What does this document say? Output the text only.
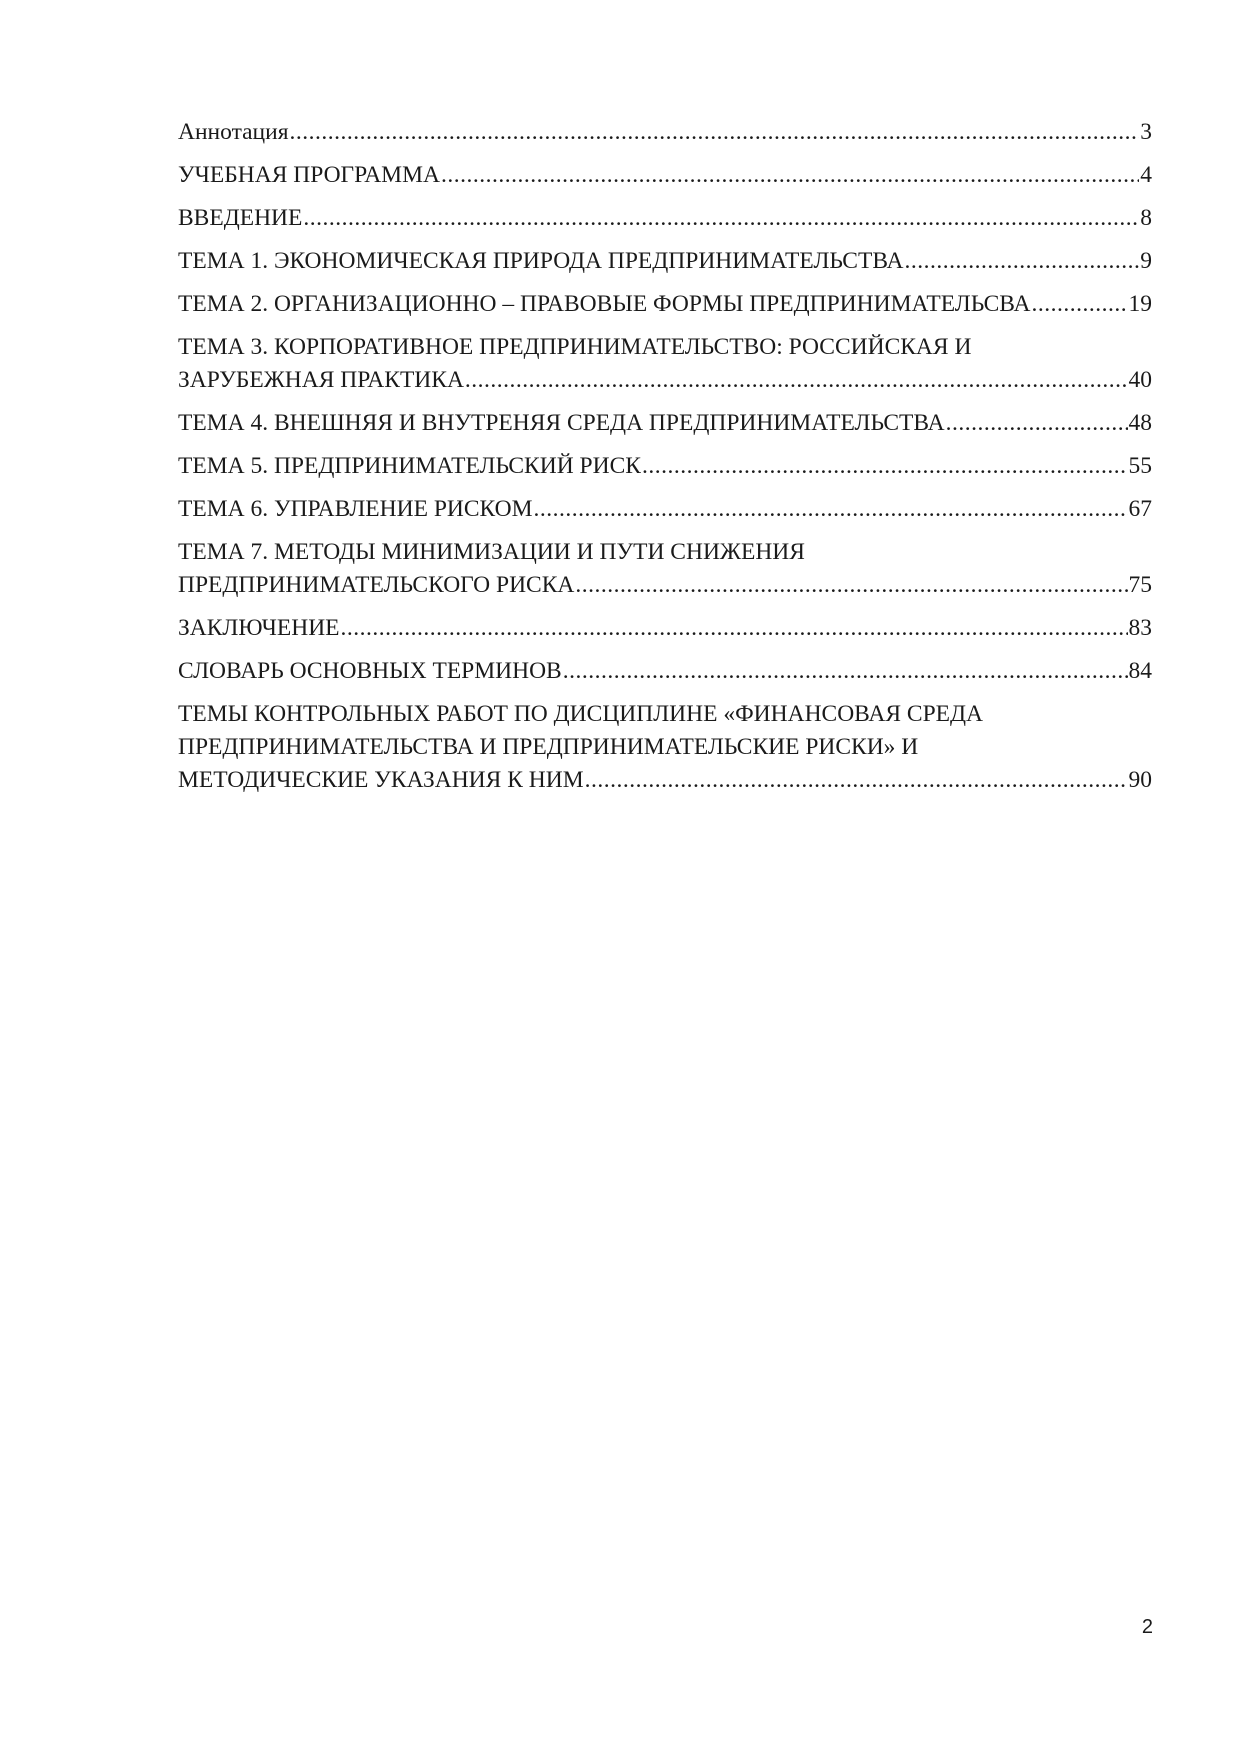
Аннотация .....	3
УЧЕБНАЯ ПРОГРАММА .....	4
ВВЕДЕНИЕ .....	8
ТЕМА 1. ЭКОНОМИЧЕСКАЯ ПРИРОДА ПРЕДПРИНИМАТЕЛЬСТВА .....	9
ТЕМА 2. ОРГАНИЗАЦИОННО – ПРАВОВЫЕ ФОРМЫ ПРЕДПРИНИМАТЕЛЬСВА .....	19
ТЕМА 3. КОРПОРАТИВНОЕ ПРЕДПРИНИМАТЕЛЬСТВО: РОССИЙСКАЯ И
ЗАРУБЕЖНАЯ ПРАКТИКА .....	40
ТЕМА 4. ВНЕШНЯЯ И ВНУТРЕНЯЯ СРЕДА ПРЕДПРИНИМАТЕЛЬСТВА .....	48
ТЕМА 5. ПРЕДПРИНИМАТЕЛЬСКИЙ РИСК .....	55
ТЕМА 6. УПРАВЛЕНИЕ РИСКОМ .....	67
ТЕМА 7. МЕТОДЫ МИНИМИЗАЦИИ И ПУТИ СНИЖЕНИЯ
ПРЕДПРИНИМАТЕЛЬСКОГО РИСКА .....	75
ЗАКЛЮЧЕНИЕ .....	83
СЛОВАРЬ ОСНОВНЫХ ТЕРМИНОВ .....	84
ТЕМЫ КОНТРОЛЬНЫХ РАБОТ ПО ДИСЦИПЛИНЕ «ФИНАНСОВАЯ СРЕДА
ПРЕДПРИНИМАТЕЛЬСТВА И ПРЕДПРИНИМАТЕЛЬСКИЕ РИСКИ» И
МЕТОДИЧЕСКИЕ УКАЗАНИЯ К НИМ .....	90
2
